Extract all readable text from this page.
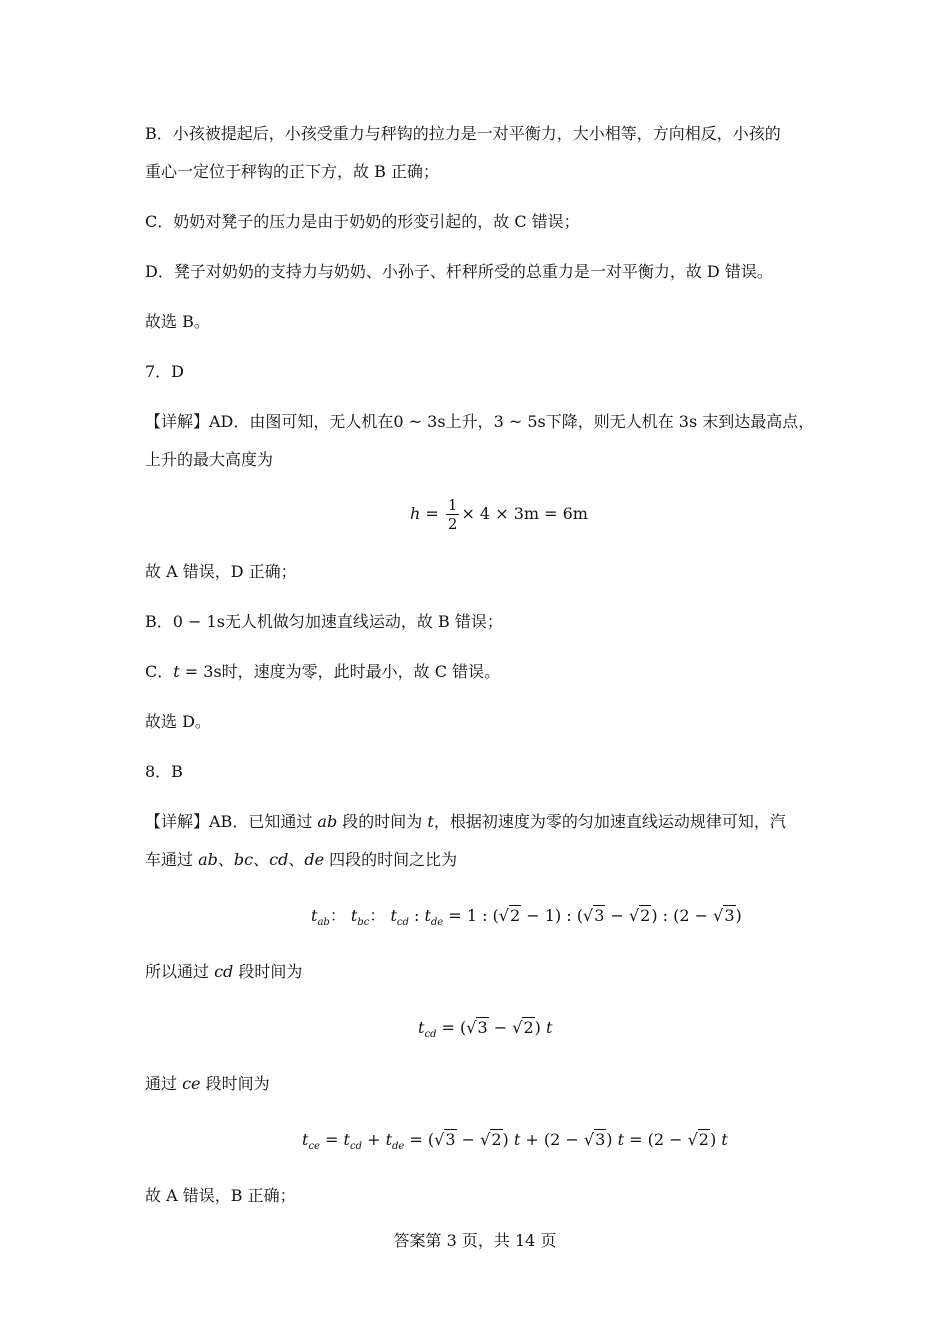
B．小孩被提起后，小孩受重力与秤钩的拉力是一对平衡力，大小相等，方向相反，小孩的
重心一定位于秤钩的正下方，故 B 正确；
C．奶奶对凳子的压力是由于奶奶的形变引起的，故 C 错误；
D．凳子对奶奶的支持力与奶奶、小孙子、杆秤所受的总重力是一对平衡力，故 D 错误。
故选 B。
7．D
【详解】AD．由图可知，无人机在0 ~ 3s上升，3 ~ 5s下降，则无人机在 3s 末到达最高点，
上升的最大高度为
$h = \frac{1}{2} \times 4 \times 3m = 6m$
故 A 错误，D 正确；
B．0 − 1s无人机做匀加速直线运动，故 B 错误；
C．t = 3s时，速度为零，此时最小，故 C 错误。
故选 D。
8．B
【详解】AB．已知通过 ab 段的时间为 t，根据初速度为零的匀加速直线运动规律可知，汽
车通过 ab、bc、cd、de 四段的时间之比为
$t_{ab}$： $t_{bc}$： $t_{cd}$ : $t_{de} = 1$ : (√2 − 1) : (√3 − √2) : (2 − √3)
所以通过 cd 段时间为
$t_{cd} = (√3 - √2)$ t
通过 ce 段时间为
$t_{ce} = t_{cd} + t_{de} = (√3 - √2) t + (2 - √3) t = (2 - √2)$ t
故 A 错误，B 正确；
答案第 3 页，共 14 页
